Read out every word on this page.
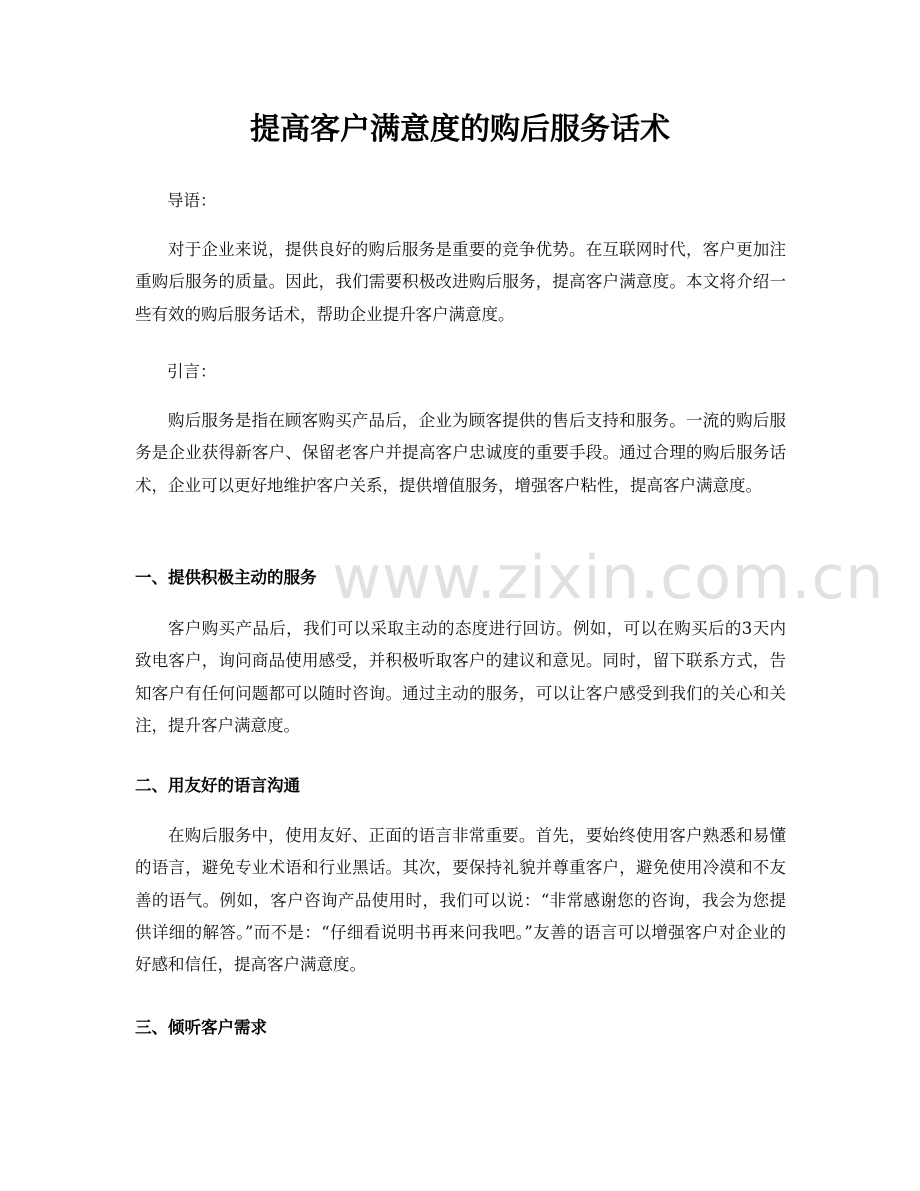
提高客户满意度的购后服务话术
导语：
对于企业来说，提供良好的购后服务是重要的竞争优势。在互联网时代，客户更加注重购后服务的质量。因此，我们需要积极改进购后服务，提高客户满意度。本文将介绍一些有效的购后服务话术，帮助企业提升客户满意度。
引言：
购后服务是指在顾客购买产品后，企业为顾客提供的售后支持和服务。一流的购后服务是企业获得新客户、保留老客户并提高客户忠诚度的重要手段。通过合理的购后服务话术，企业可以更好地维护客户关系，提供增值服务，增强客户粘性，提高客户满意度。
一、提供积极主动的服务
客户购买产品后，我们可以采取主动的态度进行回访。例如，可以在购买后的3天内致电客户，询问商品使用感受，并积极听取客户的建议和意见。同时，留下联系方式，告知客户有任何问题都可以随时咨询。通过主动的服务，可以让客户感受到我们的关心和关注，提升客户满意度。
二、用友好的语言沟通
在购后服务中，使用友好、正面的语言非常重要。首先，要始终使用客户熟悉和易懂的语言，避免专业术语和行业黑话。其次，要保持礼貌并尊重客户，避免使用冷漠和不友善的语气。例如，客户咨询产品使用时，我们可以说：“非常感谢您的咨询，我会为您提供详细的解答。”而不是：“仔细看说明书再来问我吧。”友善的语言可以增强客户对企业的好感和信任，提高客户满意度。
三、倾听客户需求
www.zixin.com.cn
